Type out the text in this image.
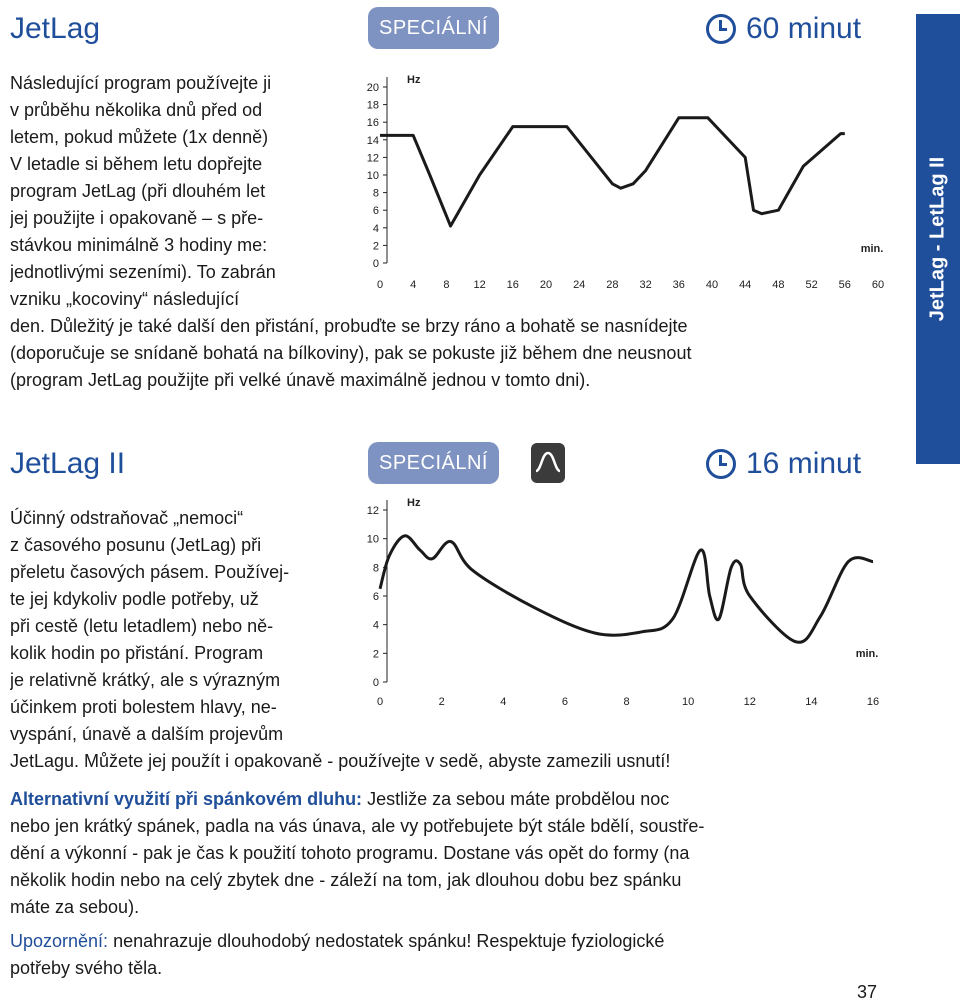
JetLag	SPECIÁLNÍ	60 minut
Následující program používejte ji
v průběhu několika dnů před od
letem, pokud můžete (1x denně)
V letadle si během letu dopřejte
program JetLag (při dlouhém let
jej použijte i opakovaně – s pře-
stávkou minimálně 3 hodiny me:
jednotlivými sezeními). To zabrán
vzniku „kocoviny“ následující
den. Důležitý je také další den přistání, probuďte se brzy ráno a bohatě se nasnídejte
(doporučuje se snídaně bohatá na bílkoviny), pak se pokuste již během dne neusnout
(program JetLag použijte při velké únavě maximálně jednou v tomto dni).
20
18
16
14
12
10
8
6
4
2
0
Hz
0 4 8 12 16 20 24 28 32 36 40 44 48 52 56 60
min. JetLag - LetLag II
JetLag II	SPECIÁLNÍ	16 minut
Účinný odstraňovač „nemoci“
z časového posunu (JetLag) při
přeletu časových pásem. Používej-
te jej kdykoliv podle potřeby, už
při cestě (letu letadlem) nebo ně-
kolik hodin po přistání. Program
je relativně krátký, ale s výrazným
účinkem proti bolestem hlavy, ne-
vyspání, únavě a dalším projevům
JetLagu. Můžete jej použít i opakovaně - používejte v sedě, abyste zamezili usnutí!
12
10
8
6
4
2
0
Hz
0	2	4	6	8	10	12	14	16
min.
Alternativní využití při spánkovém dluhu: Jestliže za sebou máte probdělou noc
nebo jen krátký spánek, padla na vás únava, ale vy potřebujete být stále bdělí, soustře-
dění a výkonní - pak je čas k použití tohoto programu. Dostane vás opět do formy (na
několik hodin nebo na celý zbytek dne - záleží na tom, jak dlouhou dobu bez spánku
máte za sebou).
Upozornění: nenahrazuje dlouhodobý nedostatek spánku! Respektuje fyziologické
potřeby svého těla.
37
